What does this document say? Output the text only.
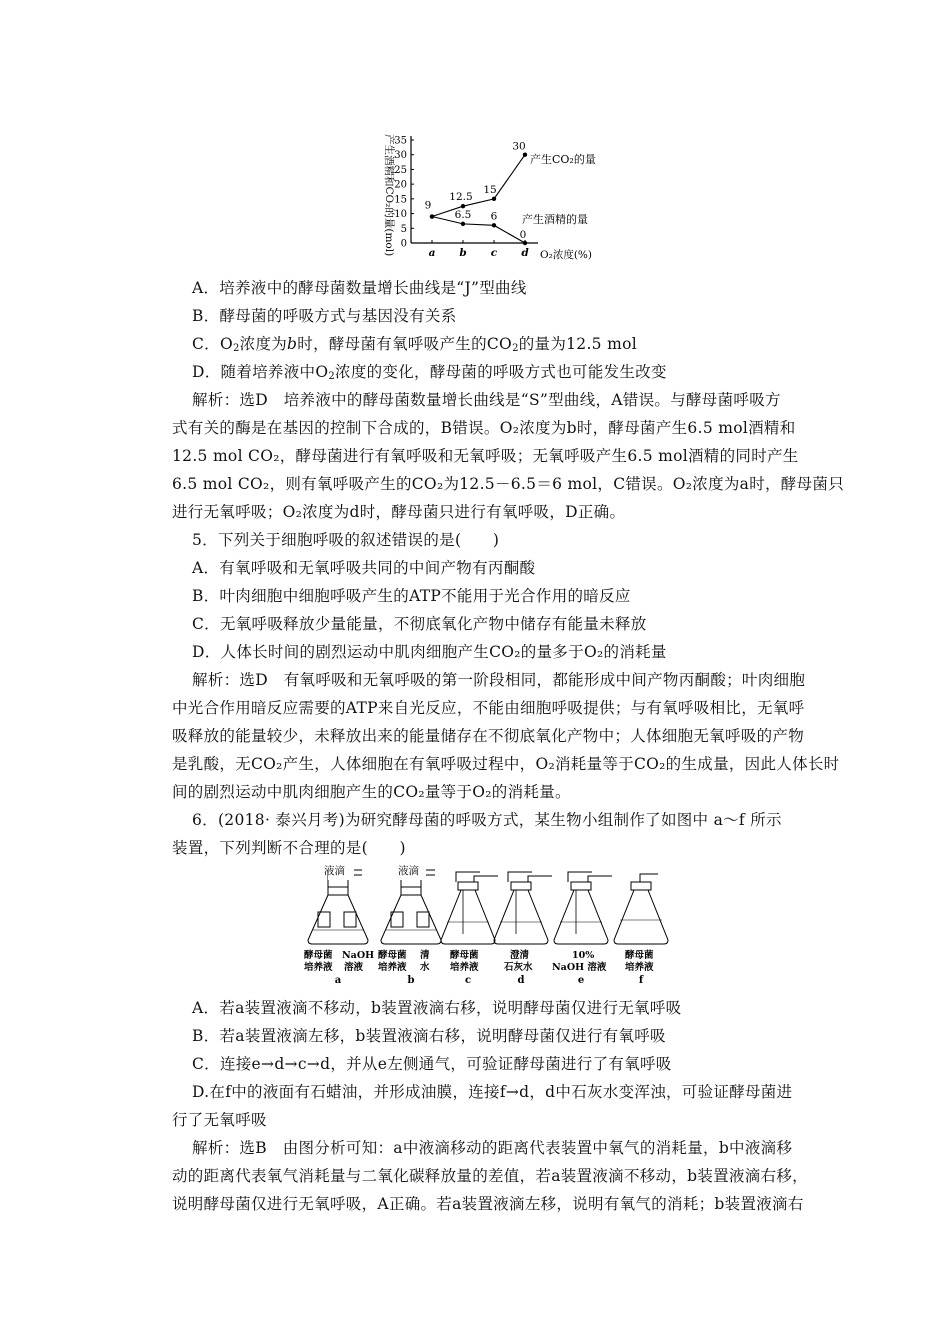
产生酒精和CO₂的量(mol) 0
5
10
15
20
25
30
35
a b c d O₂浓度(%)
9
12.5
15
30
6.5 6
0
产生CO₂的量
产生酒精的量
A．培养液中的酵母菌数量增长曲线是“J”型曲线
B．酵母菌的呼吸方式与基因没有关系
C．$O_2$浓度为b时，酵母菌有氧呼吸产生的$CO_2$的量为12.5 mol
D．随着培养液中$O_2$浓度的变化，酵母菌的呼吸方式也可能发生改变
解析：选D　培养液中的酵母菌数量增长曲线是“S”型曲线，A错误。与酵母菌呼吸方
式有关的酶是在基因的控制下合成的，B错误。O₂浓度为b时，酵母菌产生6.5 mol酒精和
12.5 mol CO₂，酵母菌进行有氧呼吸和无氧呼吸；无氧呼吸产生6.5 mol酒精的同时产生
6.5 mol CO₂，则有氧呼吸产生的CO₂为12.5－6.5＝6 mol，C错误。O₂浓度为a时，酵母菌只
进行无氧呼吸；O₂浓度为d时，酵母菌只进行有氧呼吸，D正确。
5．下列关于细胞呼吸的叙述错误的是(　　)
A．有氧呼吸和无氧呼吸共同的中间产物有丙酮酸
B．叶肉细胞中细胞呼吸产生的ATP不能用于光合作用的暗反应
C．无氧呼吸释放少量能量，不彻底氧化产物中储存有能量未释放
D．人体长时间的剧烈运动中肌肉细胞产生CO₂的量多于O₂的消耗量
解析：选D　有氧呼吸和无氧呼吸的第一阶段相同，都能形成中间产物丙酮酸；叶肉细胞
中光合作用暗反应需要的ATP来自光反应，不能由细胞呼吸提供；与有氧呼吸相比，无氧呼
吸释放的能量较少，未释放出来的能量储存在不彻底氧化产物中；人体细胞无氧呼吸的产物
是乳酸，无CO₂产生，人体细胞在有氧呼吸过程中，O₂消耗量等于CO₂的生成量，因此人体长时
间的剧烈运动中肌肉细胞产生的CO₂量等于O₂的消耗量。
6．(2018· 泰兴月考)为研究酵母菌的呼吸方式，某生物小组制作了如图中 a～f 所示
装置，下列判断不合理的是(　　)
液滴	液滴
酵母菌
培养液
NaOH
溶液
酵母菌
培养液
清
水
酵母菌
培养液
澄清
石灰水
10%
NaOH 溶液
酵母菌
培养液
a	b	c	d	e	f
A．若a装置液滴不移动，b装置液滴右移，说明酵母菌仅进行无氧呼吸
B．若a装置液滴左移，b装置液滴右移，说明酵母菌仅进行有氧呼吸
C．连接e→d→c→d，并从e左侧通气，可验证酵母菌进行了有氧呼吸
D.在f中的液面有石蜡油，并形成油膜，连接f→d，d中石灰水变浑浊，可验证酵母菌进
行了无氧呼吸
解析：选B　由图分析可知：a中液滴移动的距离代表装置中氧气的消耗量，b中液滴移
动的距离代表氧气消耗量与二氧化碳释放量的差值，若a装置液滴不移动，b装置液滴右移，
说明酵母菌仅进行无氧呼吸，A正确。若a装置液滴左移，说明有氧气的消耗；b装置液滴右
